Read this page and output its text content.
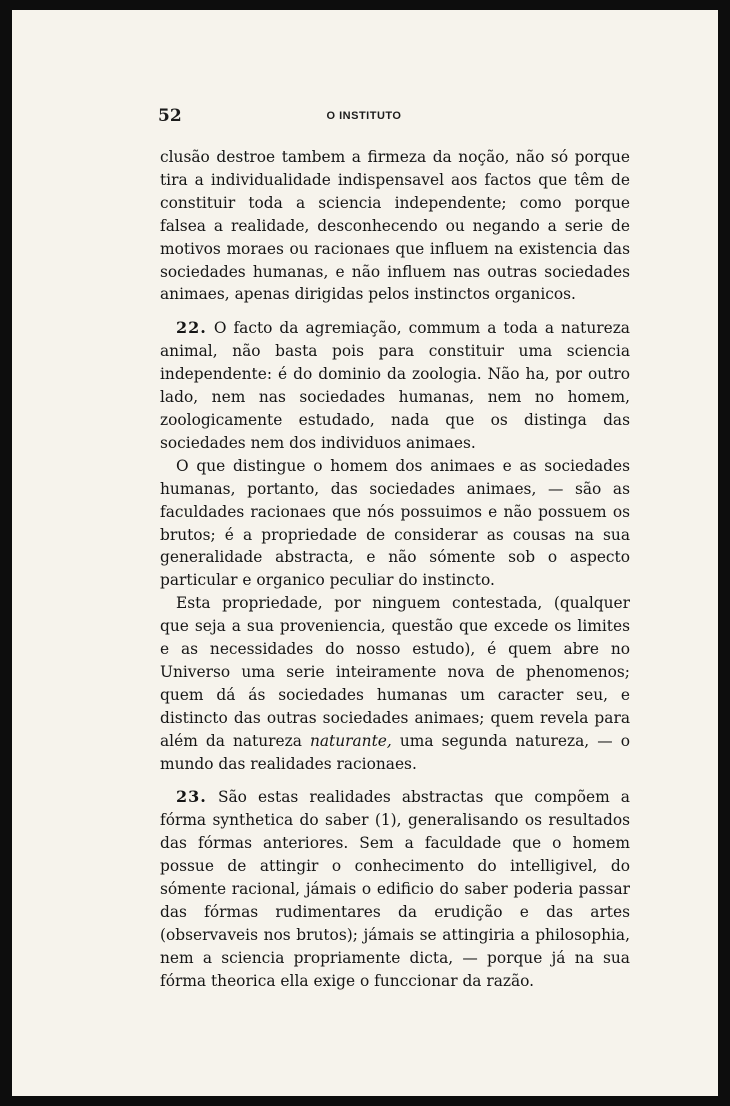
52	O INSTITUTO

clusão destroe tambem a firmeza da noção, não só porque tira a individualidade indispensavel aos factos que têm de constituir toda a sciencia independente; como porque falsea a realidade, desconhecendo ou negando a serie de motivos moraes ou racionaes que influem na existencia das sociedades humanas, e não influem nas outras sociedades animaes, apenas dirigidas pelos instinctos organicos.

22. O facto da agremiação, commum a toda a natureza animal, não basta pois para constituir uma sciencia independente: é do dominio da zoologia. Não ha, por outro lado, nem nas sociedades humanas, nem no homem, zoologicamente estudado, nada que os distinga das sociedades nem dos individuos animaes.

O que distingue o homem dos animaes e as sociedades humanas, portanto, das sociedades animaes, — são as faculdades racionaes que nós possuimos e não possuem os brutos; é a propriedade de considerar as cousas na sua generalidade abstracta, e não sómente sob o aspecto particular e organico peculiar do instincto.

Esta propriedade, por ninguem contestada, (qualquer que seja a sua proveniencia, questão que excede os limites e as necessidades do nosso estudo), é quem abre no Universo uma serie inteiramente nova de phenomenos; quem dá ás sociedades humanas um caracter seu, e distincto das outras sociedades animaes; quem revela para além da natureza naturante, uma segunda natureza, — o mundo das realidades racionaes.

23. São estas realidades abstractas que compõem a fórma synthetica do saber (1), generalisando os resultados das fórmas anteriores. Sem a faculdade que o homem possue de attingir o conhecimento do intelligivel, do sómente racional, jámais o edificio do saber poderia passar das fórmas rudimentares da erudição e das artes (observaveis nos brutos); jámais se attingiria a philosophia, nem a sciencia propriamente dicta, — porque já na sua fórma theorica ella exige o funccionar da razão.
